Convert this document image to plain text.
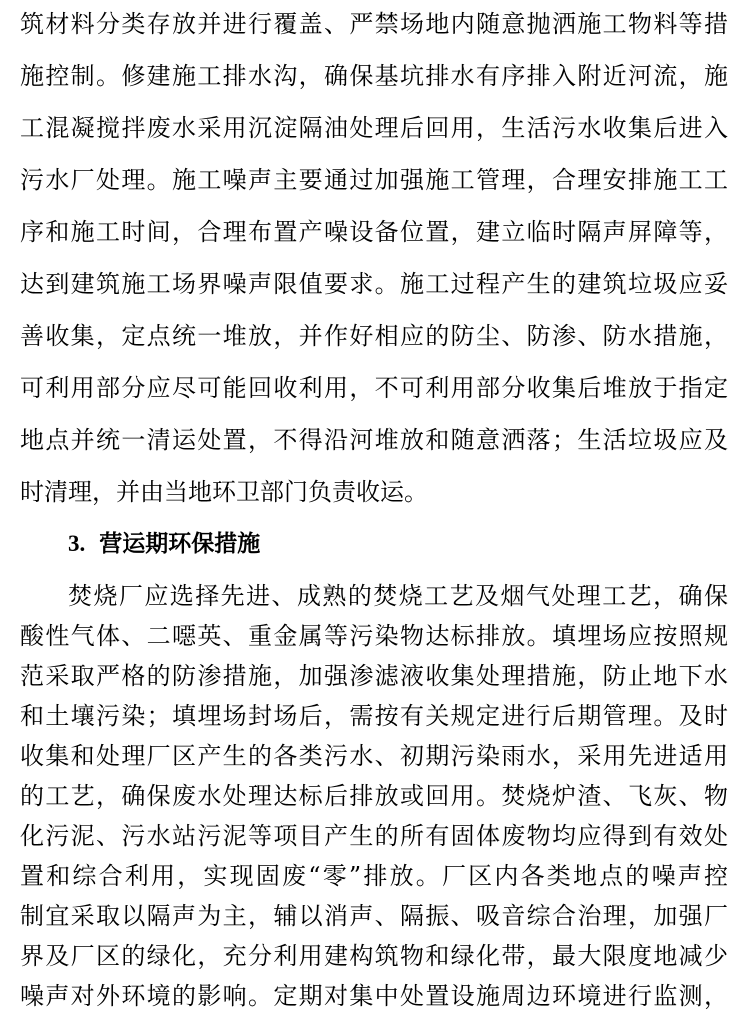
筑材料分类存放并进行覆盖、严禁场地内随意抛洒施工物料等措
施控制。修建施工排水沟，确保基坑排水有序排入附近河流，施
工混凝搅拌废水采用沉淀隔油处理后回用，生活污水收集后进入
污水厂处理。施工噪声主要通过加强施工管理，合理安排施工工
序和施工时间，合理布置产噪设备位置，建立临时隔声屏障等，
达到建筑施工场界噪声限值要求。施工过程产生的建筑垃圾应妥
善收集，定点统一堆放，并作好相应的防尘、防渗、防水措施，
可利用部分应尽可能回收利用，不可利用部分收集后堆放于指定
地点并统一清运处置，不得沿河堆放和随意洒落；生活垃圾应及
时清理，并由当地环卫部门负责收运。
3. 营运期环保措施
焚烧厂应选择先进、成熟的焚烧工艺及烟气处理工艺，确保
酸性气体、二噁英、重金属等污染物达标排放。填埋场应按照规
范采取严格的防渗措施，加强渗滤液收集处理措施，防止地下水
和土壤污染；填埋场封场后，需按有关规定进行后期管理。及时
收集和处理厂区产生的各类污水、初期污染雨水，采用先进适用
的工艺，确保废水处理达标后排放或回用。焚烧炉渣、飞灰、物
化污泥、污水站污泥等项目产生的所有固体废物均应得到有效处
置和综合利用，实现固废“零”排放。厂区内各类地点的噪声控
制宜采取以隔声为主，辅以消声、隔振、吸音综合治理，加强厂
界及厂区的绿化，充分利用建构筑物和绿化带，最大限度地减少
噪声对外环境的影响。定期对集中处置设施周边环境进行监测，
